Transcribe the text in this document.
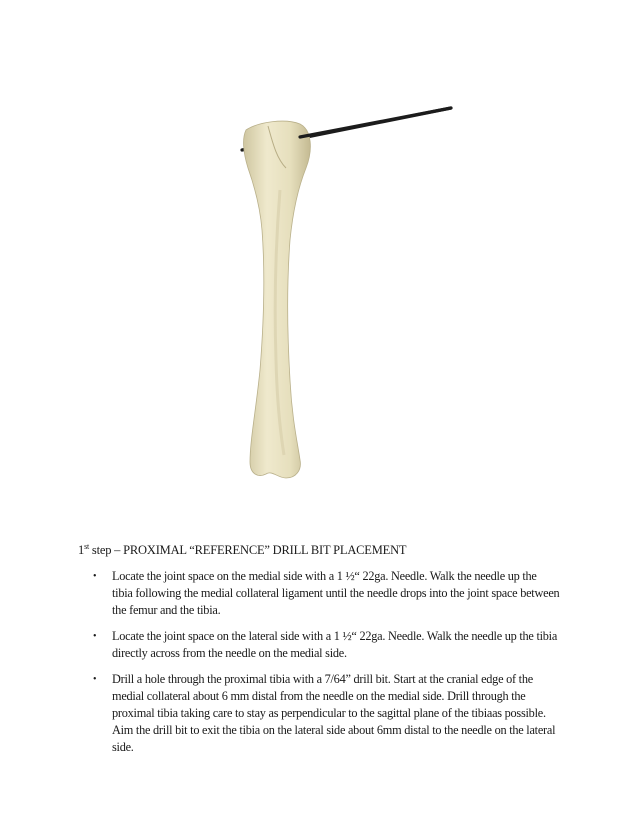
1st step – PROXIMAL “REFERENCE” DRILL BIT PLACEMENT
• Locate the joint space on the medial side with a 1 ½“ 22ga. Needle. Walk the needle up the tibia following the medial collateral ligament until the needle drops into the joint space between the femur and the tibia.
• Locate the joint space on the lateral side with a 1 ½“ 22ga. Needle. Walk the needle up the tibia directly across from the needle on the medial side.
• Drill a hole through the proximal tibia with a 7/64” drill bit. Start at the cranial edge of the medial collateral about 6 mm distal from the needle on the medial side. Drill through the proximal tibia taking care to stay as perpendicular to the sagittal plane of the tibiaas possible. Aim the drill bit to exit the tibia on the lateral side about 6mm distal to the needle on the lateral side.
